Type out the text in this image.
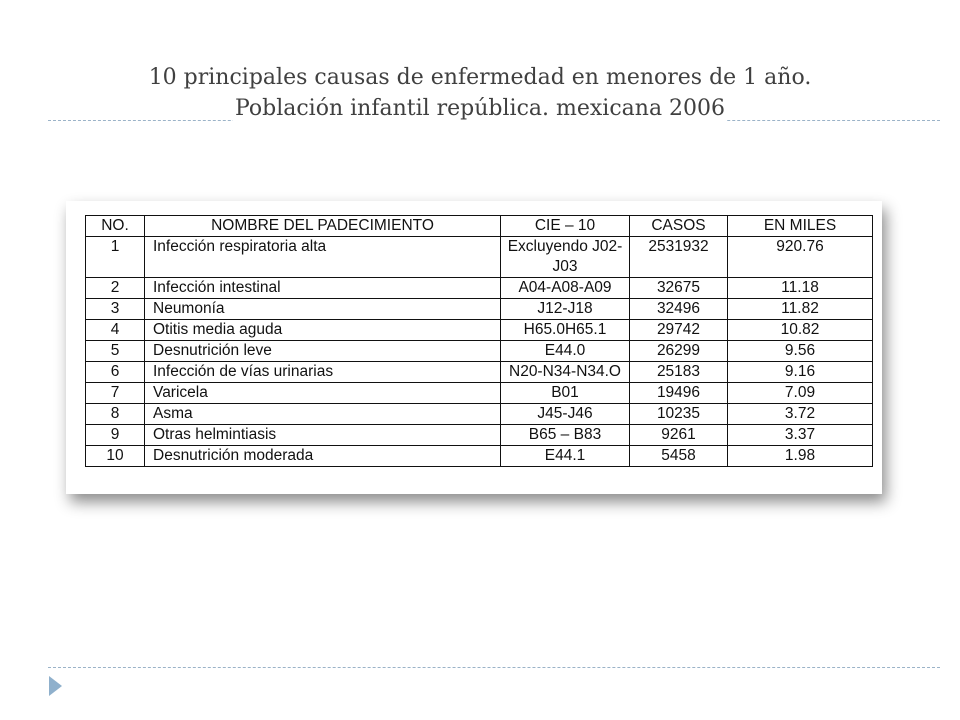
10 principales causas de enfermedad en menores de 1 año.
Población infantil república. mexicana 2006
NO.	NOMBRE DEL PADECIMIENTO	CIE – 10	CASOS	EN MILES
1	Infección respiratoria alta	Excluyendo J02-J03	2531932	920.76
2	Infección intestinal	A04-A08-A09	32675	11.18
3	Neumonía	J12-J18	32496	11.82
4	Otitis media aguda	H65.0H65.1	29742	10.82
5	Desnutrición leve	E44.0	26299	9.56
6	Infección de vías urinarias	N20-N34-N34.O	25183	9.16
7	Varicela	B01	19496	7.09
8	Asma	J45-J46	10235	3.72
9	Otras helmintiasis	B65 – B83	9261	3.37
10	Desnutrición moderada	E44.1	5458	1.98
